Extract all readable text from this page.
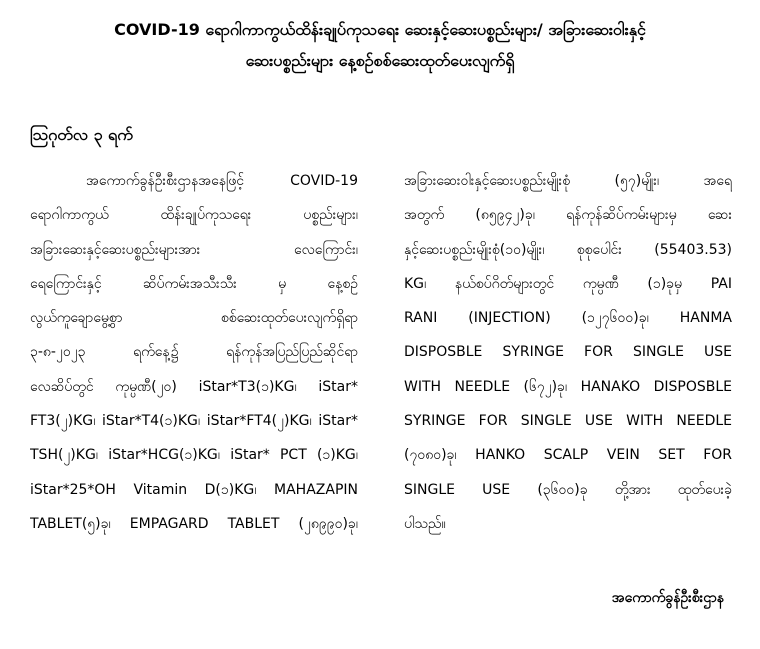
COVID-19 ရောဂါကာကွယ်ထိန်းချုပ်ကုသရေး ဆေးနှင့်ဆေးပစ္စည်းများ/ အခြားဆေးဝါးနှင့်
ဆေးပစ္စည်းများ နေ့စဉ်စစ်ဆေးထုတ်ပေးလျက်ရှိ
ဩဂုတ်လ ၃ ရက်
အကောက်ခွန်ဦးစီးဌာနအနေဖြင့် COVID-19
ရောဂါကာကွယ် ထိန်းချုပ်ကုသရေး ပစ္စည်းများ၊
အခြားဆေးနှင့်ဆေးပစ္စည်းများအား လေကြောင်း၊
ရေကြောင်းနှင့် ဆိပ်ကမ်းအသီးသီး မှ နေ့စဉ်
လွယ်ကူချောမွေ့စွာ စစ်ဆေးထုတ်ပေးလျက်ရှိရာ
၃-၈-၂၀၂၃ ရက်နေ့၌ ရန်ကုန်အပြည်ပြည်ဆိုင်ရာ
လေဆိပ်တွင် ကုမ္ပဏီ(၂၀) iStar*T3(၁)KG၊ iStar*
FT3(၂)KG၊ iStar*T4(၁)KG၊ iStar*FT4(၂)KG၊ iStar*
TSH(၂)KG၊ iStar*HCG(၁)KG၊ iStar* PCT (၁)KG၊
iStar*25*OH Vitamin D(၁)KG၊ MAHAZAPIN
TABLET(၅)ခု၊ EMPAGARD TABLET (၂၈၉၉၀)ခု၊
အခြားဆေးဝါးနှင့်ဆေးပစ္စည်းမျိုးစုံ (၅၇)မျိုး၊ အရေ
အတွက် (၈၅၉၄၂)ခု၊ ရန်ကုန်ဆိပ်ကမ်းများမှ ဆေး
နှင့်ဆေးပစ္စည်းမျိုးစုံ(၁၀)မျိုး၊ စုစုပေါင်း (55403.53)
KG၊ နယ်စပ်ဂိတ်များတွင် ကုမ္ပဏီ (၁)ခုမှ PAI
RANI (INJECTION) (၁၂၇၆၀၀)ခု၊ HANMA
DISPOSBLE SYRINGE FOR SINGLE USE
WITH NEEDLE (၆၇၂)ခု၊ HANAKO DISPOSBLE
SYRINGE FOR SINGLE USE WITH NEEDLE
(၇၀၈၀)ခု၊ HANKO SCALP VEIN SET FOR
SINGLE USE (၃၆၀၀)ခု တို့အား ထုတ်ပေးခဲ့
ပါသည်။
အကောက်ခွန်ဦးစီးဌာန
